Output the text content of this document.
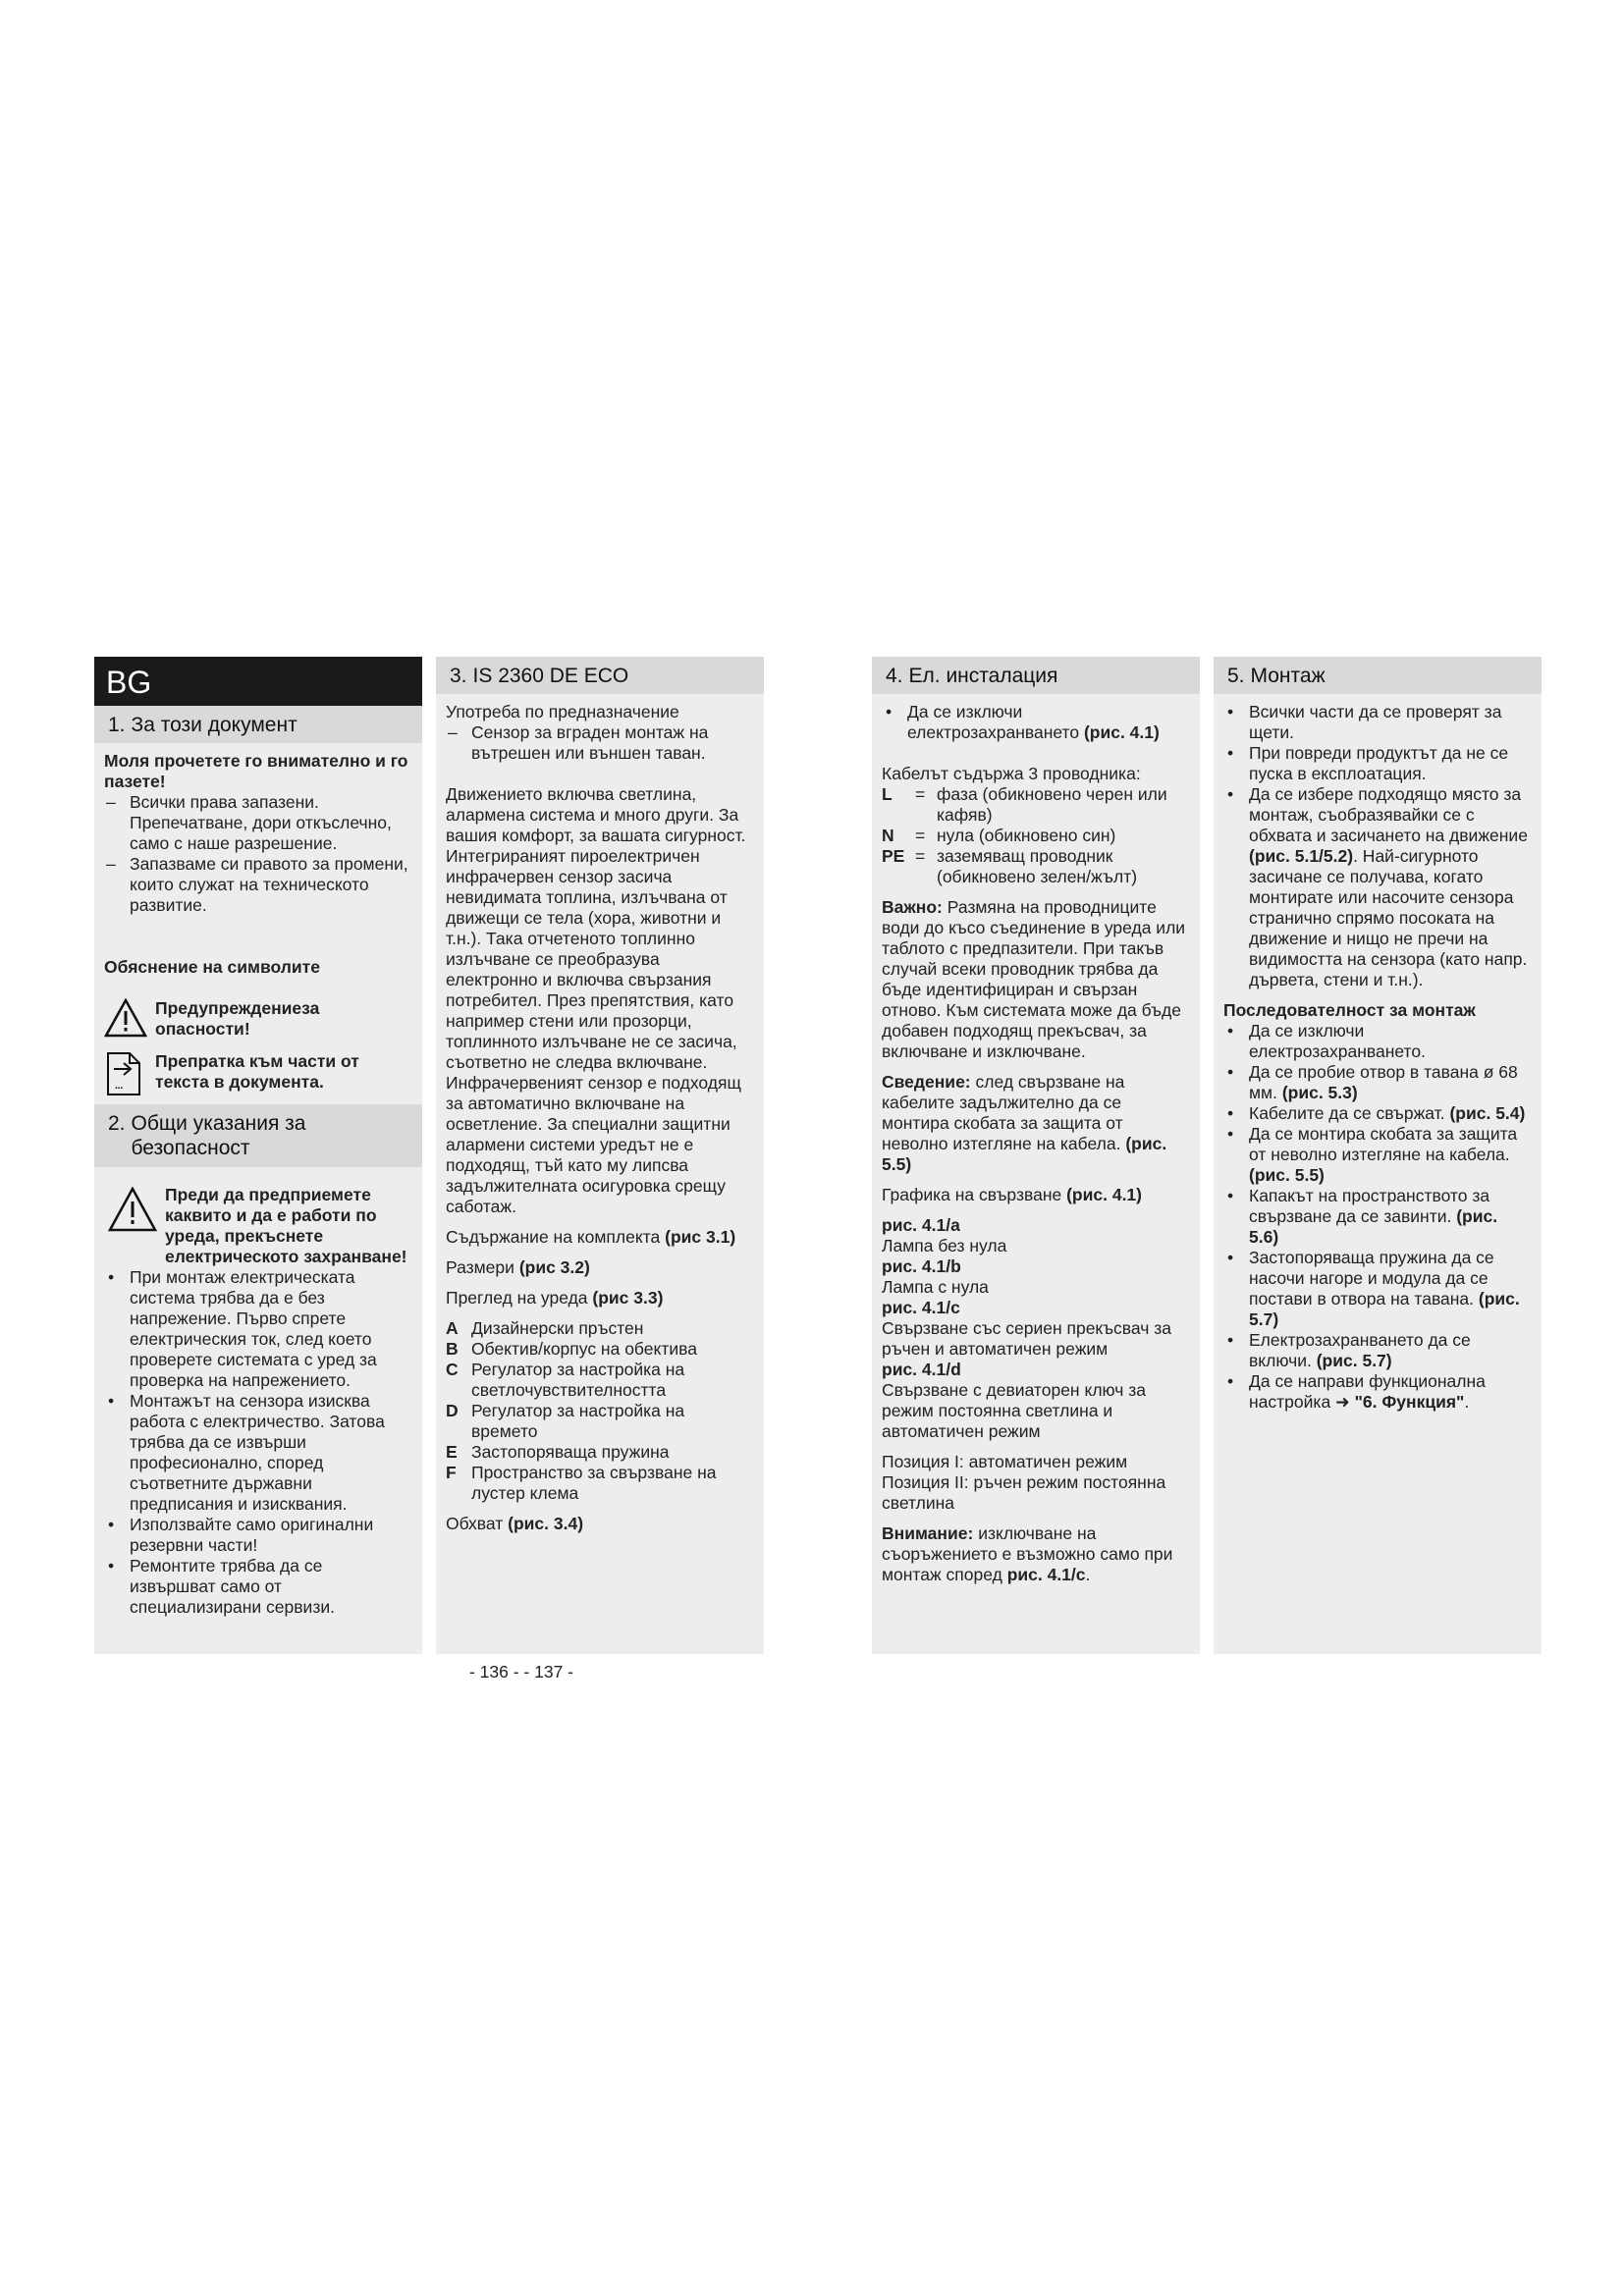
BG
1. За този документ

Моля прочетете го внимателно и го пазете!

– Всички права запазени. Препечатване, дори откъслечно, само с наше разрешение.
– Запазваме си правото за промени, които служат на техническото развитие.

Обяснение на символите

Предупреждениеза опасности!
...
Препратка към части от текста в документа.
2. Общи указания за безопасност
Преди да предприемете каквито и да е работи по уреда, прекъснете електрическото захранване!
• При монтаж електрическата система трябва да е без напрежение. Първо спрете електрическия ток, след което проверете системата с уред за проверка на напрежението.
• Монтажът на сензора изисква работа с електричество. Затова трябва да се извърши професионално, според съответните държавни предписания и изисквания.
• Използвайте само оригинални резервни части!
• Ремонтите трябва да се извършват само от специализирани сервизи.
3. IS 2360 DE ECO

Употреба по предназначение

– Сензор за вграден монтаж на вътрешен или външен таван.

Движението включва светлина, алармена система и много други. За вашия комфорт, за вашата сигурност. Интегрираният пироелектричен инфрачервен сензор засича невидимата топлина, излъчвана от движещи се тела (хора, животни и т.н.). Така отчетеното топлинно излъчване се преобразува електронно и включва свързания потребител. През препятствия, като например стени или прозорци, топлинното излъчване не се засича, съответно не следва включване. Инфрачервеният сензор е подходящ за автоматично включване на осветление. За специални защитни алармени системи уредът не е подходящ, тъй като му липсва задължителната осигуровка срещу саботаж.

Съдържание на комплекта (рис 3.1)

Размери (рис 3.2)

Преглед на уреда (рис 3.3)

A Дизайнерски пръстен
B Обектив/корпус на обектива
C Регулатор за настройка на светлочувствителността
D Регулатор за настройка на времето
E Застопоряваща пружина
F Пространство за свързване на лустер клема

Обхват (рис. 3.4)

4. Ел. инсталация
• Да се изключи електрозахранването (рис. 4.1)

Кабелът съдържа 3 проводника:

L	= фаза (обикновено черен или кафяв)
N	= нула (обикновено син)
PE = заземяващ проводник (обикновено зелен/жълт)

Важно: Размяна на проводниците води до късо съединение в уреда или таблото с предпазители. При такъв случай всеки проводник трябва да бъде идентифициран и свързан отново. Към системата може да бъде добавен подходящ прекъсвач, за включване и изключване.

Сведение: след свързване на кабелите задължително да се монтира скобата за защита от неволно изтегляне на кабела. (рис. 5.5)

Графика на свързване (рис. 4.1)

рис. 4.1/a

Лампа без нула

рис. 4.1/b

Лампа с нула

рис. 4.1/c

Свързване със сериен прекъсвач за ръчен и автоматичен режим

рис. 4.1/d

Свързване с девиаторен ключ за режим постоянна светлина и автоматичен режим

Позиция I: автоматичен режим

Позиция II: ръчен режим постоянна светлина

Внимание: изключване на съоръжението е възможно само при монтаж според рис. 4.1/c.

5. Монтаж
• Всички части да се проверят за щети.
• При повреди продуктът да не се пуска в експлоатация.
• Да се избере подходящо място за монтаж, съобразявайки се с обхвата и засичането на движение (рис. 5.1/5.2). Най-сигурното засичане се получава, когато монтирате или насочите сензора странично спрямо посоката на движение и нищо не пречи на видимостта на сензора (като напр. дървета, стени и т.н.).

Последователност за монтаж

• Да се изключи електрозахранването.
• Да се пробие отвор в тавана ø 68 мм. (рис. 5.3)
• Кабелите да се свържат. (рис. 5.4)
• Да се монтира скобата за защита от неволно изтегляне на кабела. (рис. 5.5)
• Капакът на пространството за свързване да се завинти. (рис. 5.6)
• Застопоряваща пружина да се насочи нагоре и модула да се постави в отвора на тавана. (рис. 5.7)
• Електрозахранването да се включи. (рис. 5.7)
• Да се направи функционална настройка ➜ "6. Функция".
- 136 - - 137 -
